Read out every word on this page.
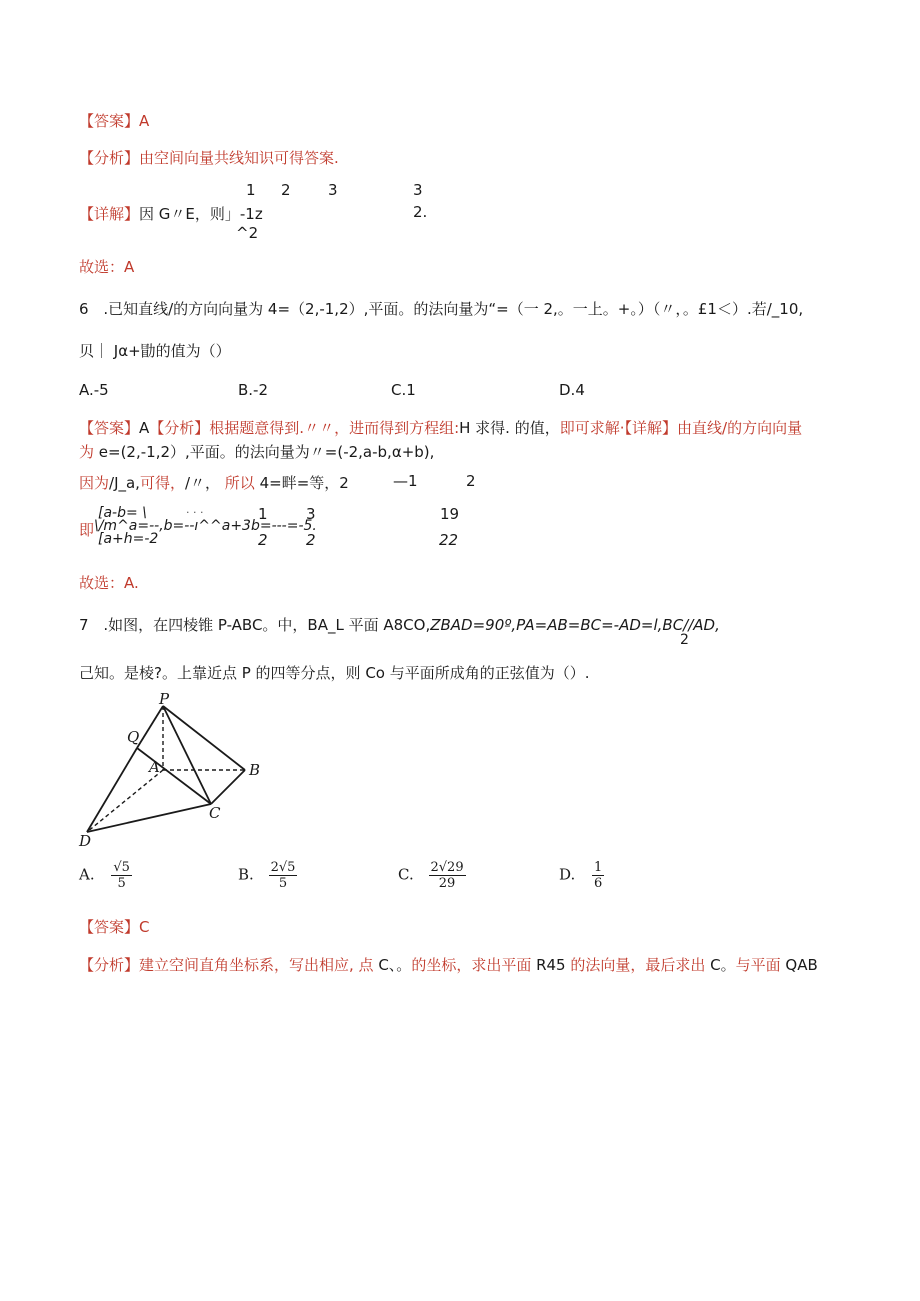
【答案】A
【分析】由空间向量共线知识可得答案.
1 2 3	3
【详解】因 G〃E，则」-1z	2.
^2
故选：A
6 .已知直线/的方向向量为 4=（2,-1,2）,平面。的法向量为“=（一 2,。一上。+。）（〃，。£1＜）.若/_10,
贝｜ Jα+勖的值为（）
A.-5	B.-2	C.1	D.4
【答案】A【分析】根据题意得到.〃〃，进而得到方程组:H 求得. 的值，即可求解·【详解】由直线/的方向向量
为 e=(2,-1,2）,平面。的法向量为〃=(-2,a-b,α+b),
因为/J_a,可得，/〃， 所以 4=畔=等，2	—1	2
3	19
[a-b= \	. . .	1
即 \/m^a=--,b=--ı^^a+3b=---=-5.
[a+h=-2	2	2	22
故选：A.
7 .如图，在四棱锥 P-ABC。中，BA_L 平面 A8CO,ZBAD=90º,PA=AB=BC=-AD=l,BC//AD,
2
己知。是棱?。上靠近点 P 的四等分点，则 Co 与平面所成角的正弦值为（）.
P
Q
A	B
C
D
A. $\frac{√5}{5}$	B. $\frac{2√5}{5}$	C. $\frac{2√29}{29}$	D. $\frac{1}{6}$
【答案】C
【分析】建立空间直角坐标系，写出相应, 点 C、。的坐标，求出平面 R45 的法向量，最后求出 C。与平面 QAB
